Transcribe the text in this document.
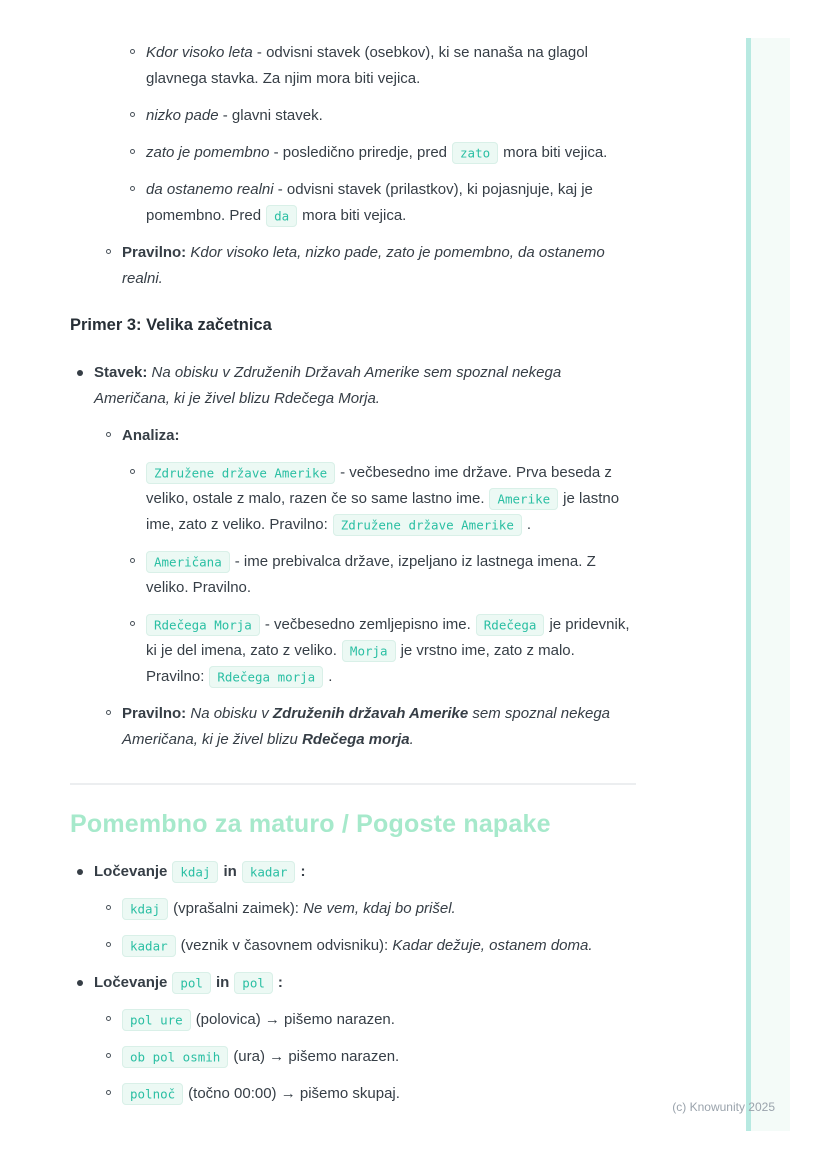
Kdor visoko leta - odvisni stavek (osebkov), ki se nanaša na glagol glavnega stavka. Za njim mora biti vejica.
nizko pade - glavni stavek.
zato je pomembno - posledično priredje, pred zato mora biti vejica.
da ostanemo realni - odvisni stavek (prilastkov), ki pojasnjuje, kaj je pomembno. Pred da mora biti vejica.
Pravilno: Kdor visoko leta, nizko pade, zato je pomembno, da ostanemo realni.
Primer 3: Velika začetnica
Stavek: Na obisku v Združenih Državah Amerike sem spoznal nekega Američana, ki je živel blizu Rdečega Morja.
Analiza:
Združene države Amerike - večbesedno ime države. Prva beseda z veliko, ostale z malo, razen če so same lastno ime. Amerike je lastno ime, zato z veliko. Pravilno: Združene države Amerike .
Američana - ime prebivalca države, izpeljano iz lastnega imena. Z veliko. Pravilno.
Rdečega Morja - večbesedno zemljepisno ime. Rdečega je pridevnik, ki je del imena, zato z veliko. Morja je vrstno ime, zato z malo. Pravilno: Rdečega morja .
Pravilno: Na obisku v Združenih državah Amerike sem spoznal nekega Američana, ki je živel blizu Rdečega morja.
Pomembno za maturo / Pogoste napake
Ločevanje kdaj in kadar :
kdaj (vprašalni zaimek): Ne vem, kdaj bo prišel.
kadar (veznik v časovnem odvisniku): Kadar dežuje, ostanem doma.
Ločevanje pol in pol :
pol ure (polovica) → pišemo narazen.
ob pol osmih (ura) → pišemo narazen.
polnoč (točno 00:00) → pišemo skupaj.
(c) Knowunity 2025
